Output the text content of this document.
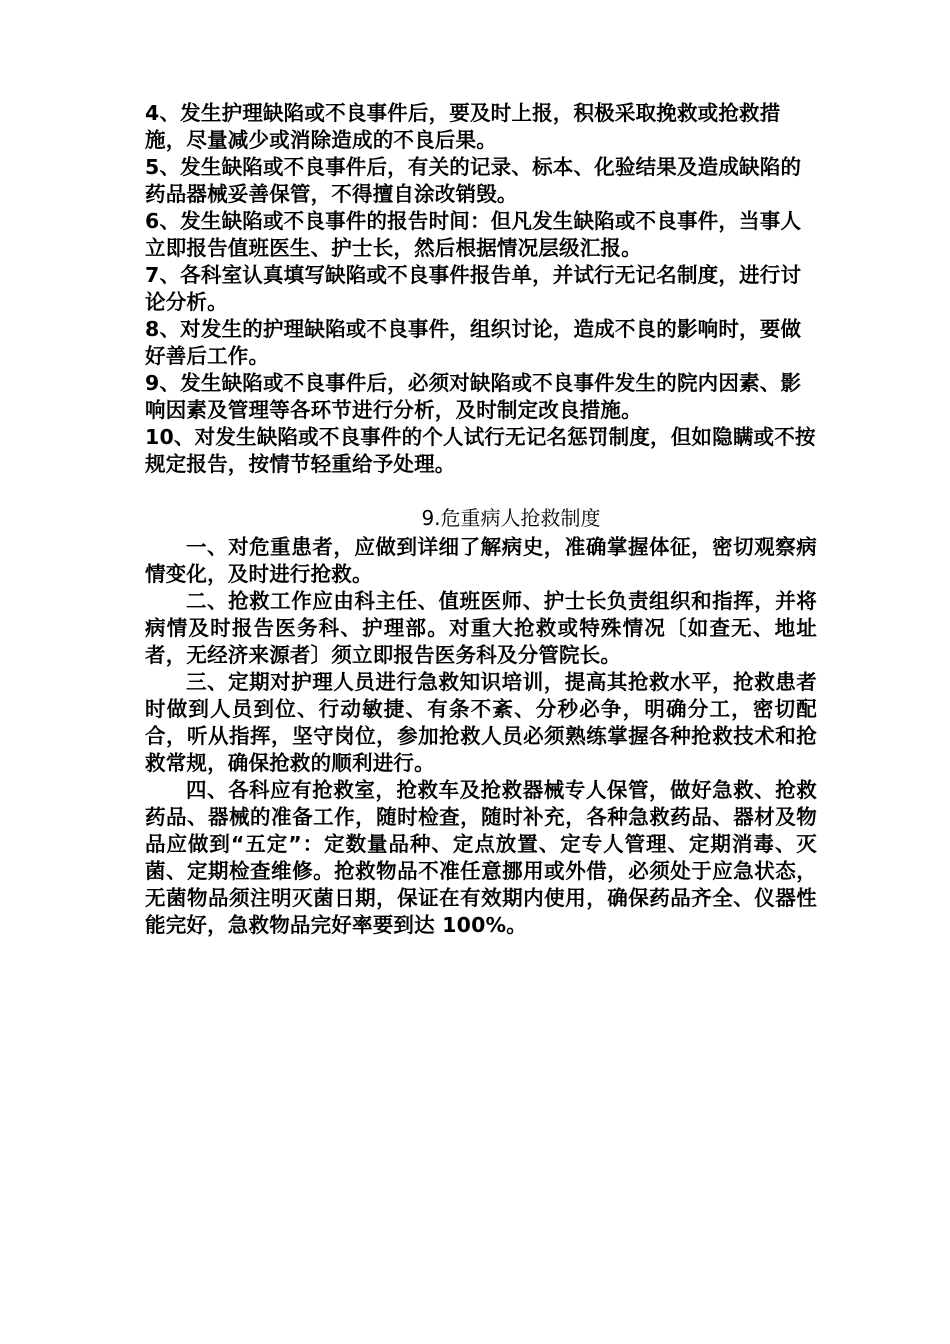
4、发生护理缺陷或不良事件后，要及时上报，积极采取挽救或抢救措施，尽量减少或消除造成的不良后果。

5、发生缺陷或不良事件后，有关的记录、标本、化验结果及造成缺陷的药品器械妥善保管，不得擅自涂改销毁。

6、发生缺陷或不良事件的报告时间：但凡发生缺陷或不良事件，当事人立即报告值班医生、护士长，然后根据情况层级汇报。

7、各科室认真填写缺陷或不良事件报告单，并试行无记名制度，进行讨论分析。

8、对发生的护理缺陷或不良事件，组织讨论，造成不良的影响时，要做好善后工作。

9、发生缺陷或不良事件后，必须对缺陷或不良事件发生的院内因素、影响因素及管理等各环节进行分析，及时制定改良措施。

10、对发生缺陷或不良事件的个人试行无记名惩罚制度，但如隐瞒或不按规定报告，按情节轻重给予处理。

9.危重病人抢救制度

一、对危重患者，应做到详细了解病史，准确掌握体征，密切观察病情变化，及时进行抢救。

二、抢救工作应由科主任、值班医师、护士长负责组织和指挥，并将病情及时报告医务科、护理部。对重大抢救或特殊情况〔如查无、地址者，无经济来源者〕须立即报告医务科及分管院长。

三、定期对护理人员进行急救知识培训，提高其抢救水平，抢救患者时做到人员到位、行动敏捷、有条不紊、分秒必争，明确分工，密切配合，听从指挥，坚守岗位，参加抢救人员必须熟练掌握各种抢救技术和抢救常规，确保抢救的顺利进行。

四、各科应有抢救室，抢救车及抢救器械专人保管，做好急救、抢救药品、器械的准备工作，随时检查，随时补充，各种急救药品、器材及物品应做到“五定”：定数量品种、定点放置、定专人管理、定期消毒、灭菌、定期检查维修。抢救物品不准任意挪用或外借，必须处于应急状态，无菌物品须注明灭菌日期，保证在有效期内使用，确保药品齐全、仪器性能完好，急救物品完好率要到达 100%。
